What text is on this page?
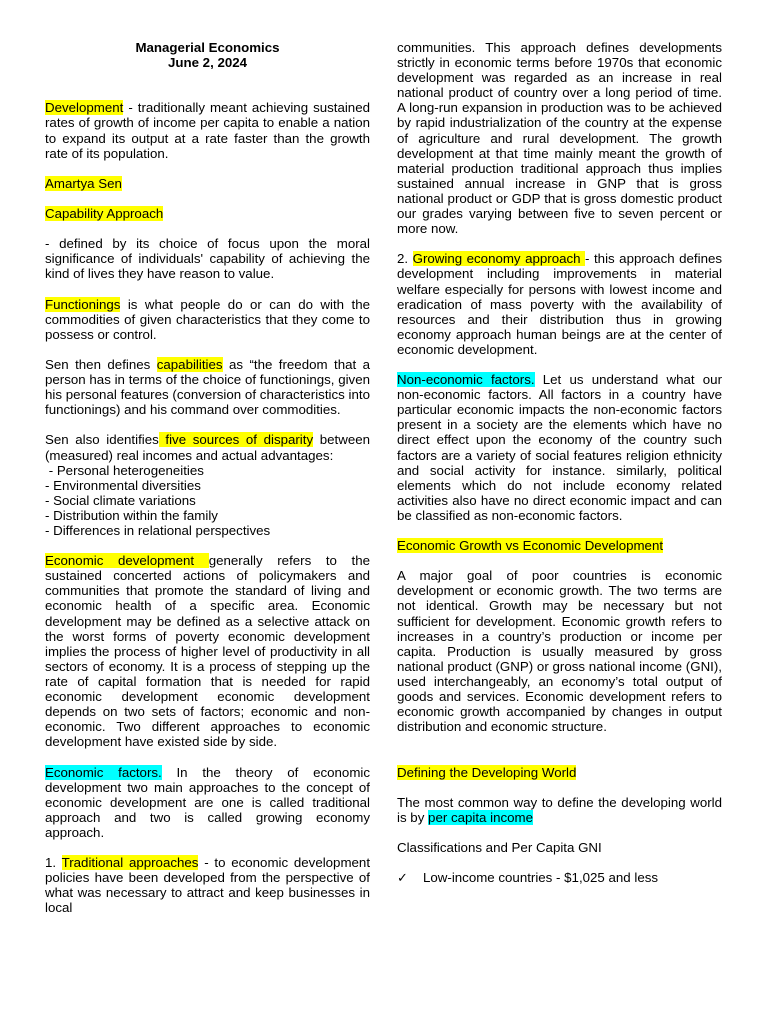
Managerial Economics
June 2, 2024

Development - traditionally meant achieving sustained rates of growth of income per capita to enable a nation to expand its output at a rate faster than the growth rate of its population.

Amartya Sen

Capability Approach

- defined by its choice of focus upon the moral significance of individuals' capability of achieving the kind of lives they have reason to value.

Functionings is what people do or can do with the commodities of given characteristics that they come to possess or control.

Sen then defines capabilities as “the freedom that a person has in terms of the choice of functionings, given his personal features (conversion of characteristics into functionings) and his command over commodities.

Sen also identifies five sources of disparity between (measured) real incomes and actual advantages:

- Personal heterogeneities
- Environmental diversities
- Social climate variations
- Distribution within the family
- Differences in relational perspectives

Economic development generally refers to the sustained concerted actions of policymakers and communities that promote the standard of living and economic health of a specific area. Economic development may be defined as a selective attack on the worst forms of poverty economic development implies the process of higher level of productivity in all sectors of economy. It is a process of stepping up the rate of capital formation that is needed for rapid economic development economic development depends on two sets of factors; economic and non-economic. Two different approaches to economic development have existed side by side.

Economic factors. In the theory of economic development two main approaches to the concept of economic development are one is called traditional approach and two is called growing economy approach.

1. Traditional approaches - to economic development policies have been developed from the perspective of what was necessary to attract and keep businesses in local

communities. This approach defines developments strictly in economic terms before 1970s that economic development was regarded as an increase in real national product of country over a long period of time. A long-run expansion in production was to be achieved by rapid industrialization of the country at the expense of agriculture and rural development. The growth development at that time mainly meant the growth of material production traditional approach thus implies sustained annual increase in GNP that is gross national product or GDP that is gross domestic product our grades varying between five to seven percent or more now.

2. Growing economy approach - this approach defines development including improvements in material welfare especially for persons with lowest income and eradication of mass poverty with the availability of resources and their distribution thus in growing economy approach human beings are at the center of economic development.

Non-economic factors. Let us understand what our non-economic factors. All factors in a country have particular economic impacts the non-economic factors present in a society are the elements which have no direct effect upon the economy of the country such factors are a variety of social features religion ethnicity and social activity for instance. similarly, political elements which do not include economy related activities also have no direct economic impact and can be classified as non-economic factors.

Economic Growth vs Economic Development

A major goal of poor countries is economic development or economic growth. The two terms are not identical. Growth may be necessary but not sufficient for development. Economic growth refers to increases in a country’s production or income per capita. Production is usually measured by gross national product (GNP) or gross national income (GNI), used interchangeably, an economy’s total output of goods and services. Economic development refers to economic growth accompanied by changes in output distribution and economic structure.

Defining the Developing World

The most common way to define the developing world is by per capita income

Classifications and Per Capita GNI

✓ Low-income countries - $1,025 and less
